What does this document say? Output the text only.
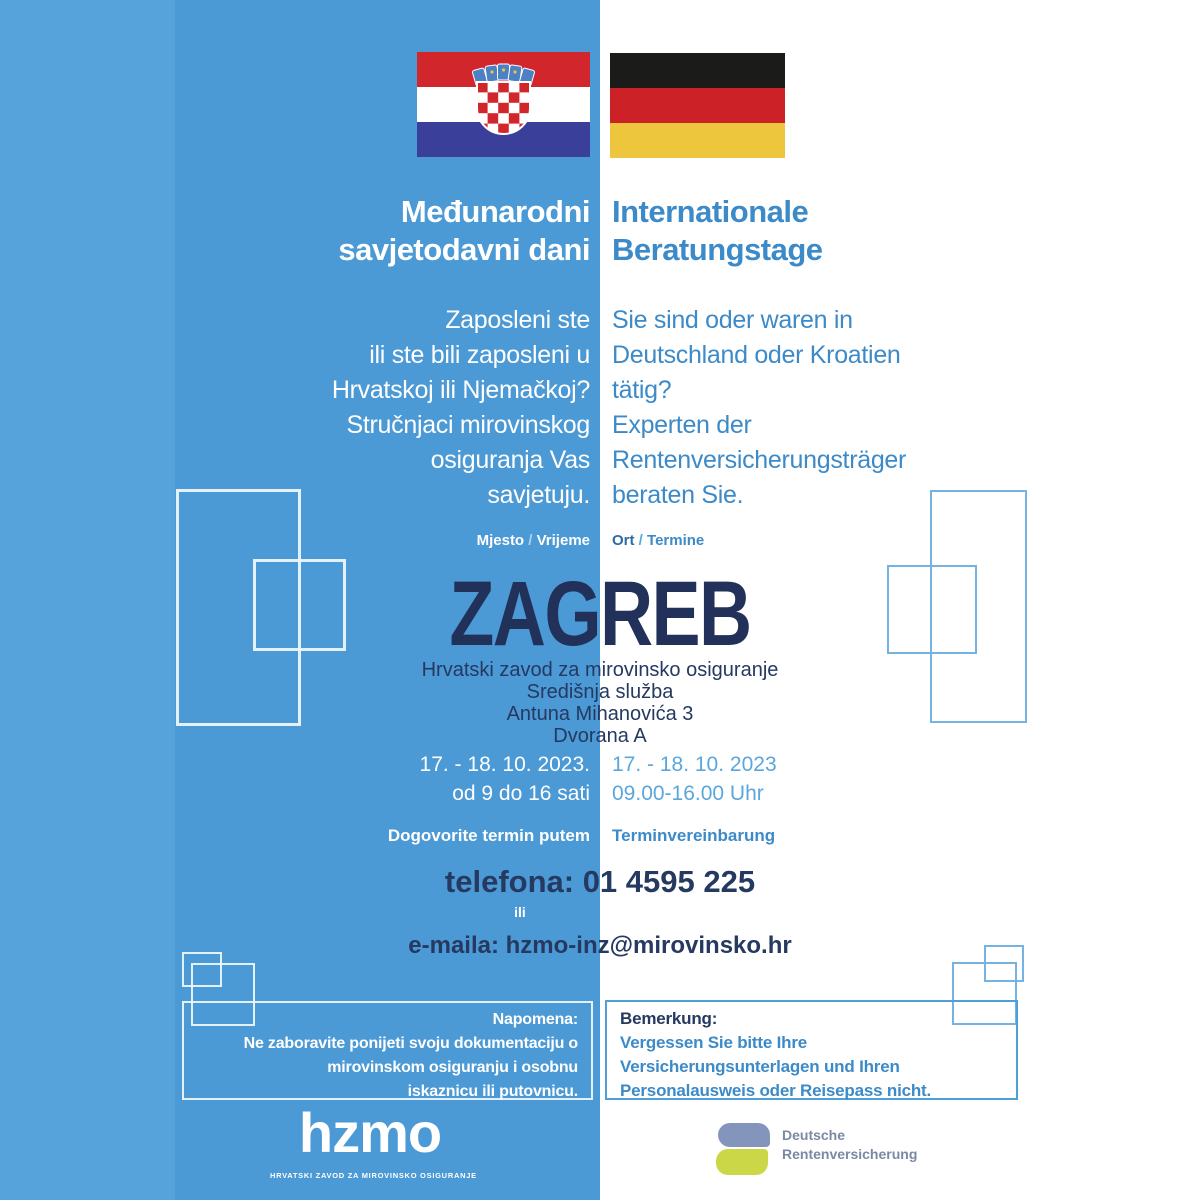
Međunarodni
savjetodavni dani
Internationale
Beratungstage
Zaposleni ste
ili ste bili zaposleni u
Hrvatskoj ili Njemačkoj?
Stručnjaci mirovinskog
osiguranja Vas
savjetuju.
Sie sind oder waren in
Deutschland oder Kroatien
tätig?
Experten der
Rentenversicherungsträger
beraten Sie.
Mjesto / Vrijeme Ort / Termine
ZAGREB
Hrvatski zavod za mirovinsko osiguranje
Središnja služba
Antuna Mihanovića 3
Dvorana A
17. - 18. 10. 2023.
od 9 do 16 sati
17. - 18. 10. 2023
09.00-16.00 Uhr
Dogovorite termin putem Terminvereinbarung
telefona: 01 4595 225
ili
e-maila: hzmo-inz@mirovinsko.hr
Napomena:
Ne zaboravite ponijeti svoju dokumentaciju o
mirovinskom osiguranju i osobnu
iskaznicu ili putovnicu.
Bemerkung:
Vergessen Sie bitte Ihre
Versicherungsunterlagen und Ihren
Personalausweis oder Reisepass nicht.
hzmo
HRVATSKI ZAVOD ZA MIROVINSKO OSIGURANJE
Deutsche
Rentenversicherung
